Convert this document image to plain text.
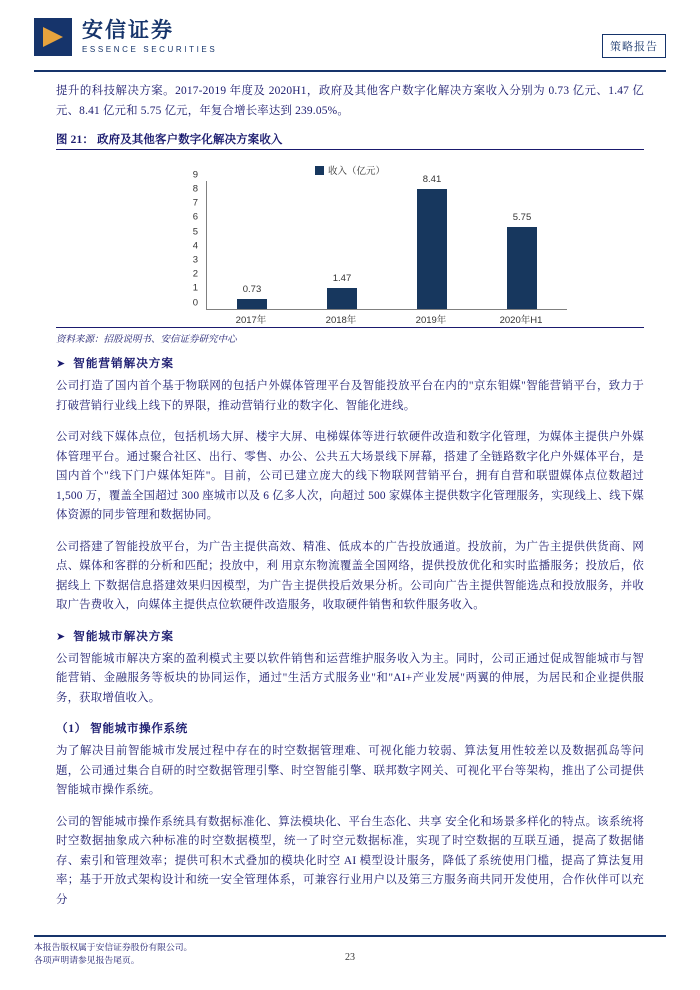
安信证券
ESSENCE SECURITIES	策略报告

提升的科技解决方案。2017-2019 年度及 2020H1，政府及其他客户数字化解决方案收入分别为 0.73 亿元、1.47 亿元、8.41 亿元和 5.75 亿元，年复合增长率达到 239.05%。

图 21： 政府及其他客户数字化解决方案收入
收入（亿元）
9
8
7
6
5
4
3
2
1
0
0.73
1.47
8.41
5.75
2017年	2018年	2019年	2020年H1
资料来源：招股说明书、安信证券研究中心
➤ 智能营销解决方案

公司打造了国内首个基于物联网的包括户外媒体管理平台及智能投放平台在内的"京东钼媒"智能营销平台，致力于打破营销行业线上线下的界限，推动营销行业的数字化、智能化进线。

公司对线下媒体点位，包括机场大屏、楼宇大屏、电梯媒体等进行软硬件改造和数字化管理，为媒体主提供户外媒体管理平台。通过聚合社区、出行、零售、办公、公共五大场景线下屏幕，搭建了全链路数字化户外媒体平台，是国内首个"线下门户媒体矩阵"。目前，公司已建立庞大的线下物联网营销平台，拥有自营和联盟媒体点位数超过 1,500 万，覆盖全国超过 300 座城市以及 6 亿多人次，向超过 500 家媒体主提供数字化管理服务，实现线上、线下媒体资源的同步管理和数据协同。

公司搭建了智能投放平台，为广告主提供高效、精准、低成本的广告投放通道。投放前，为广告主提供供货商、网点、媒体和客群的分析和匹配；投放中，利 用京东物流覆盖全国网络，提供投放优化和实时监播服务；投放后，依据线上 下数据信息搭建效果归因模型，为广告主提供投后效果分析。公司向广告主提供智能选点和投放服务，并收取广告费收入，向媒体主提供点位软硬件改造服务，收取硬件销售和软件服务收入。

➤ 智能城市解决方案

公司智能城市解决方案的盈利模式主要以软件销售和运营维护服务收入为主。同时，公司正通过促成智能城市与智能营销、金融服务等板块的协同运作，通过"生活方式服务业"和"AI+产业发展"两翼的伸展，为居民和企业提供服务，获取增值收入。

（1） 智能城市操作系统

为了解决目前智能城市发展过程中存在的时空数据管理难、可视化能力较弱、算法复用性较差以及数据孤岛等问题，公司通过集合自研的时空数据管理引擎、时空智能引擎、联邦数字网关、可视化平台等架构，推出了公司提供智能城市操作系统。

公司的智能城市操作系统具有数据标准化、算法模块化、平台生态化、共享 安全化和场景多样化的特点。该系统将时空数据抽象成六种标准的时空数据模型，统一了时空元数据标准，实现了时空数据的互联互通，提高了数据储存、索引和管理效率；提供可积木式叠加的模块化时空 AI 模型设计服务，降低了系统使用门槛，提高了算法复用率；基于开放式架构设计和统一安全管理体系，可兼容行业用户以及第三方服务商共同开发使用，合作伙伴可以充分

本报告版权属于安信证券股份有限公司。
各项声明请参见报告尾页。	23
